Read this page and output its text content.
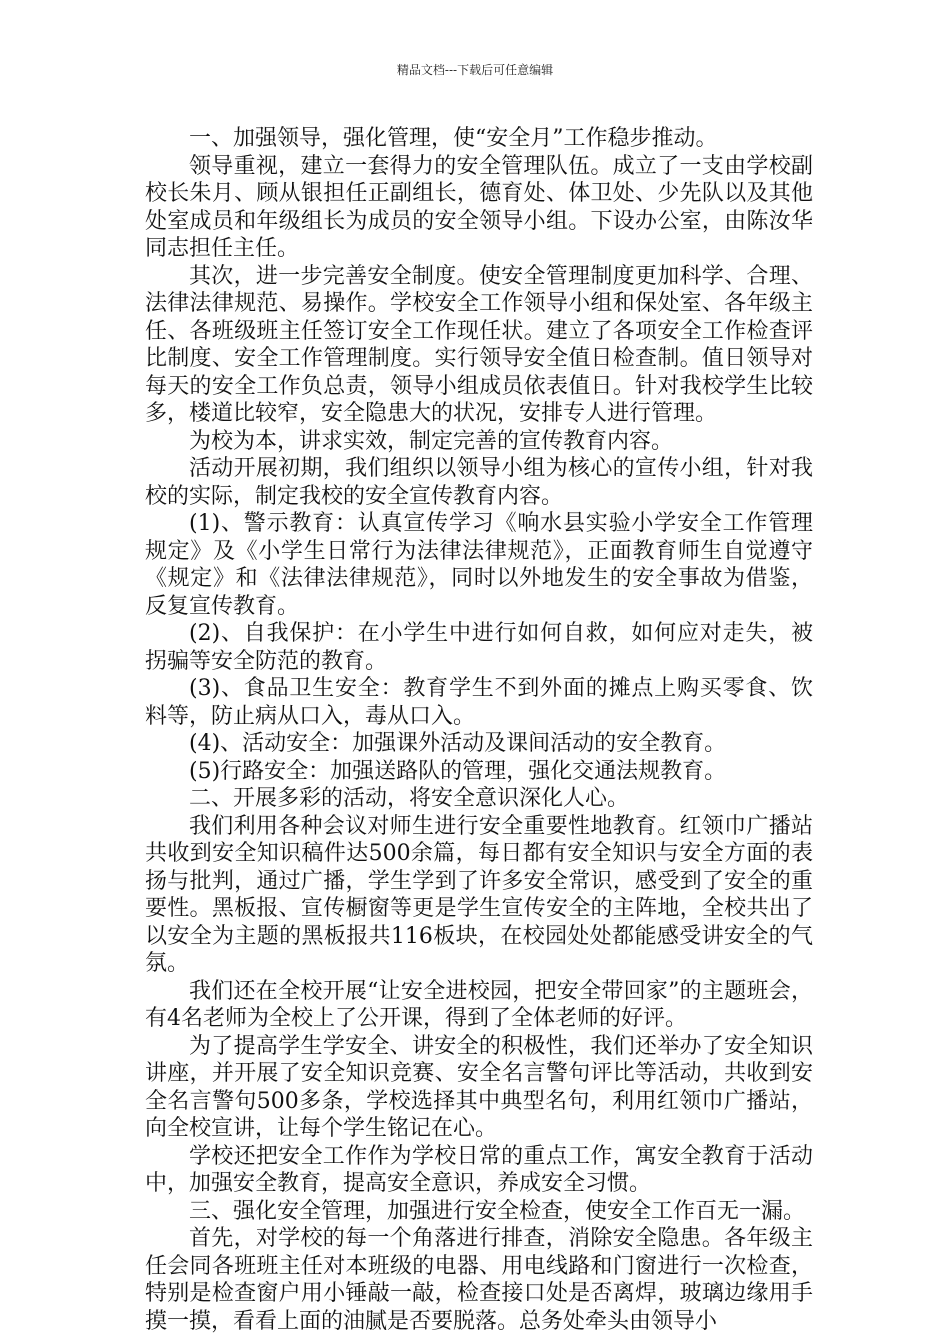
精品文档---下载后可任意编辑

一、加强领导，强化管理，使“安全月”工作稳步推动。

领导重视，建立一套得力的安全管理队伍。成立了一支由学校副校长朱月、顾从银担任正副组长，德育处、体卫处、少先队以及其他处室成员和年级组长为成员的安全领导小组。下设办公室，由陈汝华同志担任主任。

其次，进一步完善安全制度。使安全管理制度更加科学、合理、法律法律规范、易操作。学校安全工作领导小组和保处室、各年级主任、各班级班主任签订安全工作现任状。建立了各项安全工作检查评比制度、安全工作管理制度。实行领导安全值日检查制。值日领导对每天的安全工作负总责，领导小组成员依表值日。针对我校学生比较多，楼道比较窄，安全隐患大的状况，安排专人进行管理。

为校为本，讲求实效，制定完善的宣传教育内容。

活动开展初期，我们组织以领导小组为核心的宣传小组，针对我校的实际，制定我校的安全宣传教育内容。

(1)、警示教育：认真宣传学习《响水县实验小学安全工作管理规定》及《小学生日常行为法律法律规范》，正面教育师生自觉遵守《规定》和《法律法律规范》，同时以外地发生的安全事故为借鉴，反复宣传教育。

(2)、自我保护：在小学生中进行如何自救，如何应对走失，被拐骗等安全防范的教育。

(3)、食品卫生安全：教育学生不到外面的摊点上购买零食、饮料等，防止病从口入，毒从口入。

(4)、活动安全：加强课外活动及课间活动的安全教育。

(5)行路安全：加强送路队的管理，强化交通法规教育。

二、开展多彩的活动，将安全意识深化人心。

我们利用各种会议对师生进行安全重要性地教育。红领巾广播站共收到安全知识稿件达500余篇，每日都有安全知识与安全方面的表扬与批判，通过广播，学生学到了许多安全常识，感受到了安全的重要性。黑板报、宣传橱窗等更是学生宣传安全的主阵地，全校共出了以安全为主题的黑板报共116板块，在校园处处都能感受讲安全的气氛。

我们还在全校开展“让安全进校园，把安全带回家”的主题班会，有4名老师为全校上了公开课，得到了全体老师的好评。

为了提高学生学安全、讲安全的积极性，我们还举办了安全知识讲座，并开展了安全知识竞赛、安全名言警句评比等活动，共收到安全名言警句500多条，学校选择其中典型名句，利用红领巾广播站，向全校宣讲，让每个学生铭记在心。

学校还把安全工作作为学校日常的重点工作，寓安全教育于活动中，加强安全教育，提高安全意识，养成安全习惯。

三、强化安全管理，加强进行安全检查，使安全工作百无一漏。

首先，对学校的每一个角落进行排查，消除安全隐患。各年级主任会同各班班主任对本班级的电器、用电线路和门窗进行一次检查，特别是检查窗户用小锤敲一敲，检查接口处是否离焊，玻璃边缘用手摸一摸，看看上面的油腻是否要脱落。总务处牵头由领导小
